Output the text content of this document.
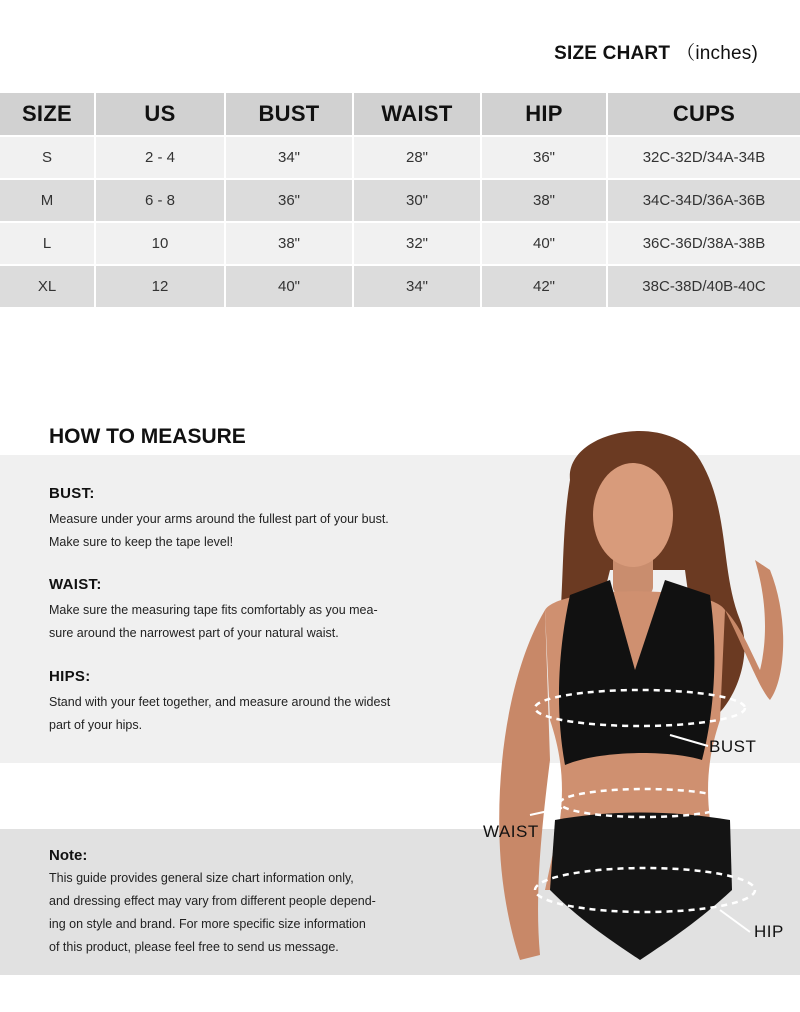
SIZE CHART （inches)
SIZE	US	BUST	WAIST	HIP	CUPS
S	2 - 4	34"	28"	36"	32C-32D/34A-34B
M	6 - 8	36"	30"	38"	34C-34D/36A-36B
L	10	38"	32"	40"	36C-36D/38A-38B
XL	12	40"	34"	42"	38C-38D/40B-40C
HOW TO MEASURE
BUST:

Measure under your arms around the fullest part of your bust.

Make sure to keep the tape level!

WAIST:

Make sure the measuring tape fits comfortably as you mea-

sure around the narrowest part of your natural waist.

HIPS:

Stand with your feet together, and measure around the widest

part of your hips.

Note:

This guide provides general size chart information only,

and dressing effect may vary from different people depend-

ing on style and brand. For more specific size information

of this product, please feel free to send us message.

BUST
WAIST
HIP
